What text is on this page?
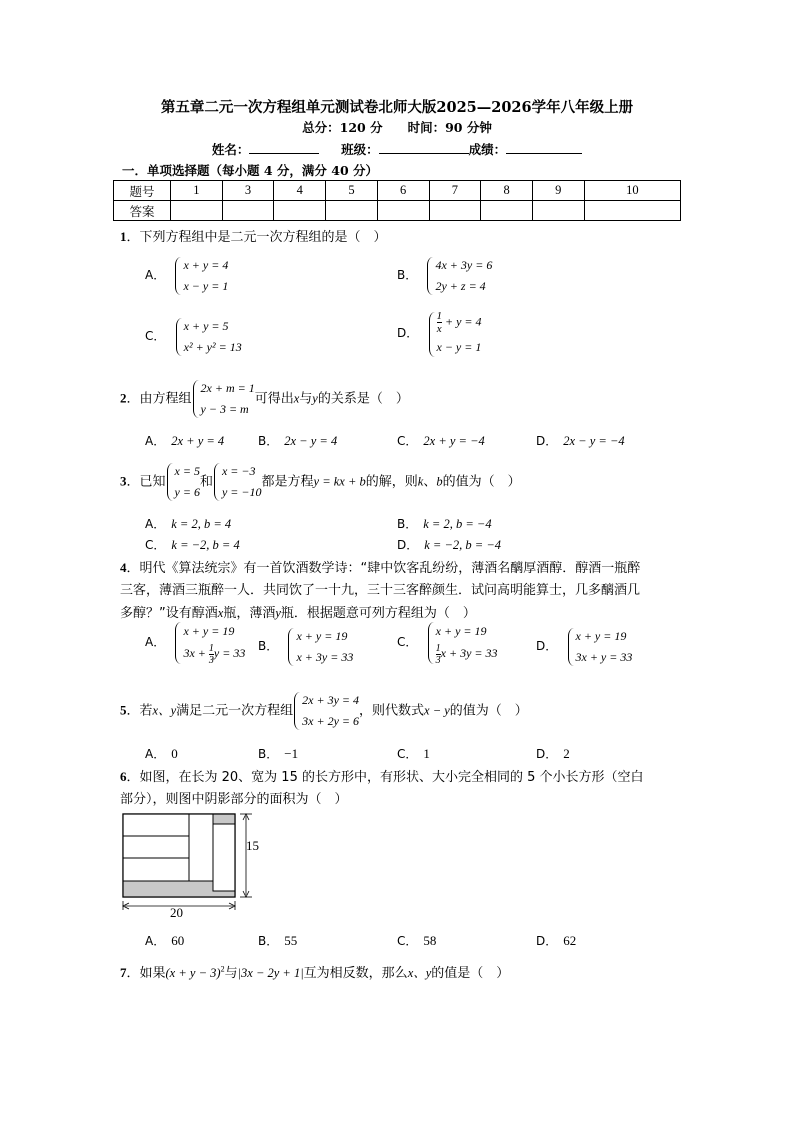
第五章二元一次方程组单元测试卷北师大版2025—2026学年八年级上册
总分：120 分　　时间：90 分钟
姓名：	班级：	成绩：
一．单项选择题（每小题 4 分，满分 40 分）
题号	1	3	4	5	6	7	8	9	10
答案									
1．下列方程组中是二元一次方程组的是（　）
A．
x + y = 4
x − y = 1
B． 4x + 3y = 6
2y + z = 4
C． x + y = 5
x² + y² = 13
D． $\frac{1}{x} + y = 4$
x − y = 1
2．由方程组2x + m = 1
y − 3 = m可得出x与y的关系是（　）
A． 2x + y = 4	B． 2x − y = 4	C． 2x + y = −4	D． 2x − y = −4
3．已知x = 5
y = 6和x = −3
y = −10都是方程y = kx + b的解，则k、b的值为（　）
A． k = 2, b = 4	B． k = 2, b = −4
C． k = −2, b = 4	D． k = −2, b = −4
4．明代《算法统宗》有一首饮酒数学诗：“肆中饮客乱纷纷，薄酒名醨厚酒醇．醇酒一瓶醉
三客，薄酒三瓶醉一人．共同饮了一十九，三十三客醉颜生．试问高明能算士，几多醨酒几
多醇？”设有醇酒x瓶，薄酒y瓶．根据题意可列方程组为（　）
A． x + y = 19
$3x + \frac{1}{3}$ y = 33
B． x + y = 19
x + 3y = 33
C． x + y = 19

$\frac{1}{3}$ x + 3y = 33
D． x + y = 19
3x + y = 33
5．若x、y满足二元一次方程组2x + 3y = 4
3x + 2y = 6，则代数式x − y的值为（　）
A． 0	B． −1	C． 1	D． 2
6．如图，在长为 20、宽为 15 的长方形中，有形状、大小完全相同的 5 个小长方形（空白
部分），则图中阴影部分的面积为（　）
15
20
A． 60	B． 55	C． 58	D． 62
7．如果$(x + y - 3)^2$与|3x − 2y + 1|互为相反数，那么x、y的值是（　）
